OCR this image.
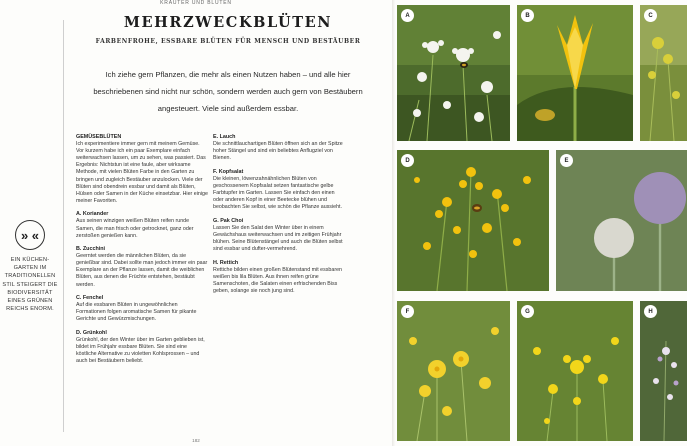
KRÄUTER UND BLÜTEN
» «
EIN KÜCHEN-GARTEN IM TRADITIONELLEN STIL STEIGERT DIE BIODIVERSITÄT EINES GRÜNEN REICHS ENORM.
MEHRZWECKBLÜTEN
FARBENFROHE, ESSBARE BLÜTEN FÜR MENSCH UND BESTÄUBER
Ich ziehe gern Pflanzen, die mehr als einen Nutzen haben – und alle hier beschriebenen sind nicht nur schön, sondern werden auch gern von Bestäubern angesteuert. Viele sind außerdem essbar.
GEMÜSEBLÜTEN
Ich experimentiere immer gern mit meinem Gemüse. Vor kurzem habe ich ein paar Exemplare einfach weiterwachsen lassen, um zu sehen, was passiert. Das Ergebnis: Nichtstun ist eine faule, aber wirksame Methode, mit vielen Blüten Farbe in den Garten zu bringen und zugleich Bestäuber anzulocken. Viele der Blüten sind obendrein essbar und damit als Blüten, Hülsen oder Samen in der Küche einsetzbar. Hier einige meiner Favoriten.
A. Koriander
Aus seinen winzigen weißen Blüten reifen runde Samen, die man frisch oder getrocknet, ganz oder zerstoßen genießen kann.
B. Zucchini
Geerntet werden die männlichen Blüten, da sie genießbar sind. Dabei sollte man jedoch immer ein paar Exemplare an der Pflanze lassen, damit die weiblichen Blüten, aus denen die Früchte entstehen, bestäubt werden.
C. Fenchel
Auf die essbaren Blüten in ungewöhnlichen Formationen folgen aromatische Samen für pikante Gerichte und Gewürzmischungen.
D. Grünkohl
Grünkohl, der den Winter über im Garten geblieben ist, bildet im Frühjahr essbare Blüten. Sie sind eine köstliche Alternative zu violetten Kohlsprossen – und auch bei Bestäubern beliebt.
E. Lauch
Die schnittlauchartigen Blüten öffnen sich an der Spitze hoher Stängel und sind ein beliebtes Anflugziel von Bienen.
F. Kopfsalat
Die kleinen, löwenzahnähnlichen Blüten von geschossenem Kopfsalat setzen fantastische gelbe Farbtupfer im Garten. Lassen Sie einfach den einen oder anderen Kopf in einer Beetecke blühen und beobachten Sie selbst, wie schön die Pflanze aussieht.
G. Pak Choi
Lassen Sie den Salat den Winter über in einem Gewächshaus weiterwachsen und im zeitigen Frühjahr blühen. Seine Blütenstängel und auch die Blüten selbst sind essbar und dufter-vermehrend.
H. Rettich
Rettiche bilden einen großen Blütenstand mit essbaren weißen bis lila Blüten. Aus ihnen reifen grüne Samenschoten, die Salaten einen erfrischenden Biss geben, solange sie noch jung sind.
182
A	B	C
D	E
F	G	H
